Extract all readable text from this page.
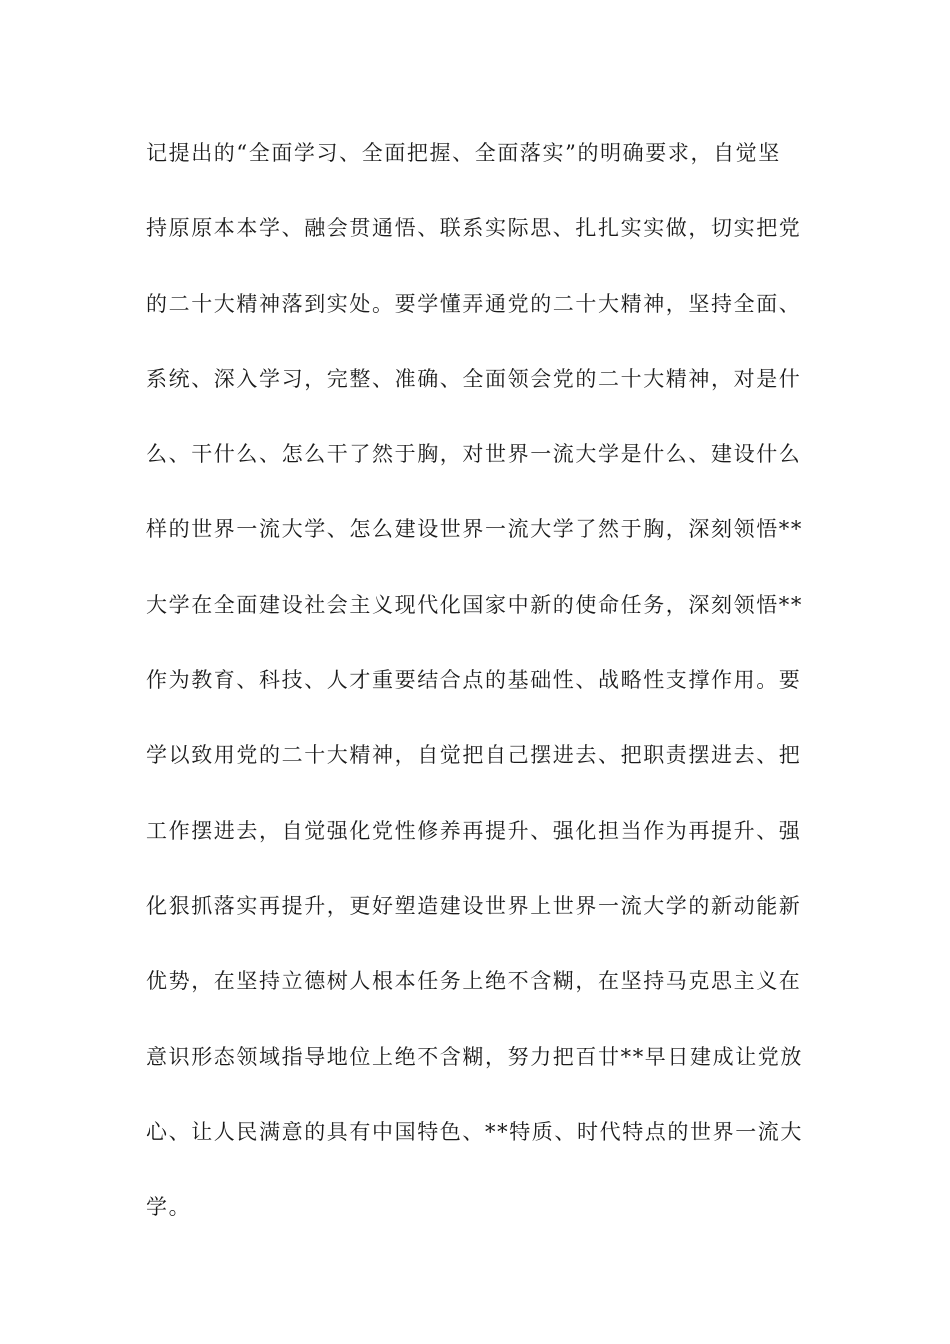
记提出的“全面学习、全面把握、全面落实”的明确要求，自觉坚
持原原本本学、融会贯通悟、联系实际思、扎扎实实做，切实把党
的二十大精神落到实处。要学懂弄通党的二十大精神，坚持全面、
系统、深入学习，完整、准确、全面领会党的二十大精神，对是什
么、干什么、怎么干了然于胸，对世界一流大学是什么、建设什么
样的世界一流大学、怎么建设世界一流大学了然于胸，深刻领悟**
大学在全面建设社会主义现代化国家中新的使命任务，深刻领悟**
作为教育、科技、人才重要结合点的基础性、战略性支撑作用。要
学以致用党的二十大精神，自觉把自己摆进去、把职责摆进去、把
工作摆进去，自觉强化党性修养再提升、强化担当作为再提升、强
化狠抓落实再提升，更好塑造建设世界上世界一流大学的新动能新
优势，在坚持立德树人根本任务上绝不含糊，在坚持马克思主义在
意识形态领域指导地位上绝不含糊，努力把百廿**早日建成让党放
心、让人民满意的具有中国特色、**特质、时代特点的世界一流大
学。
